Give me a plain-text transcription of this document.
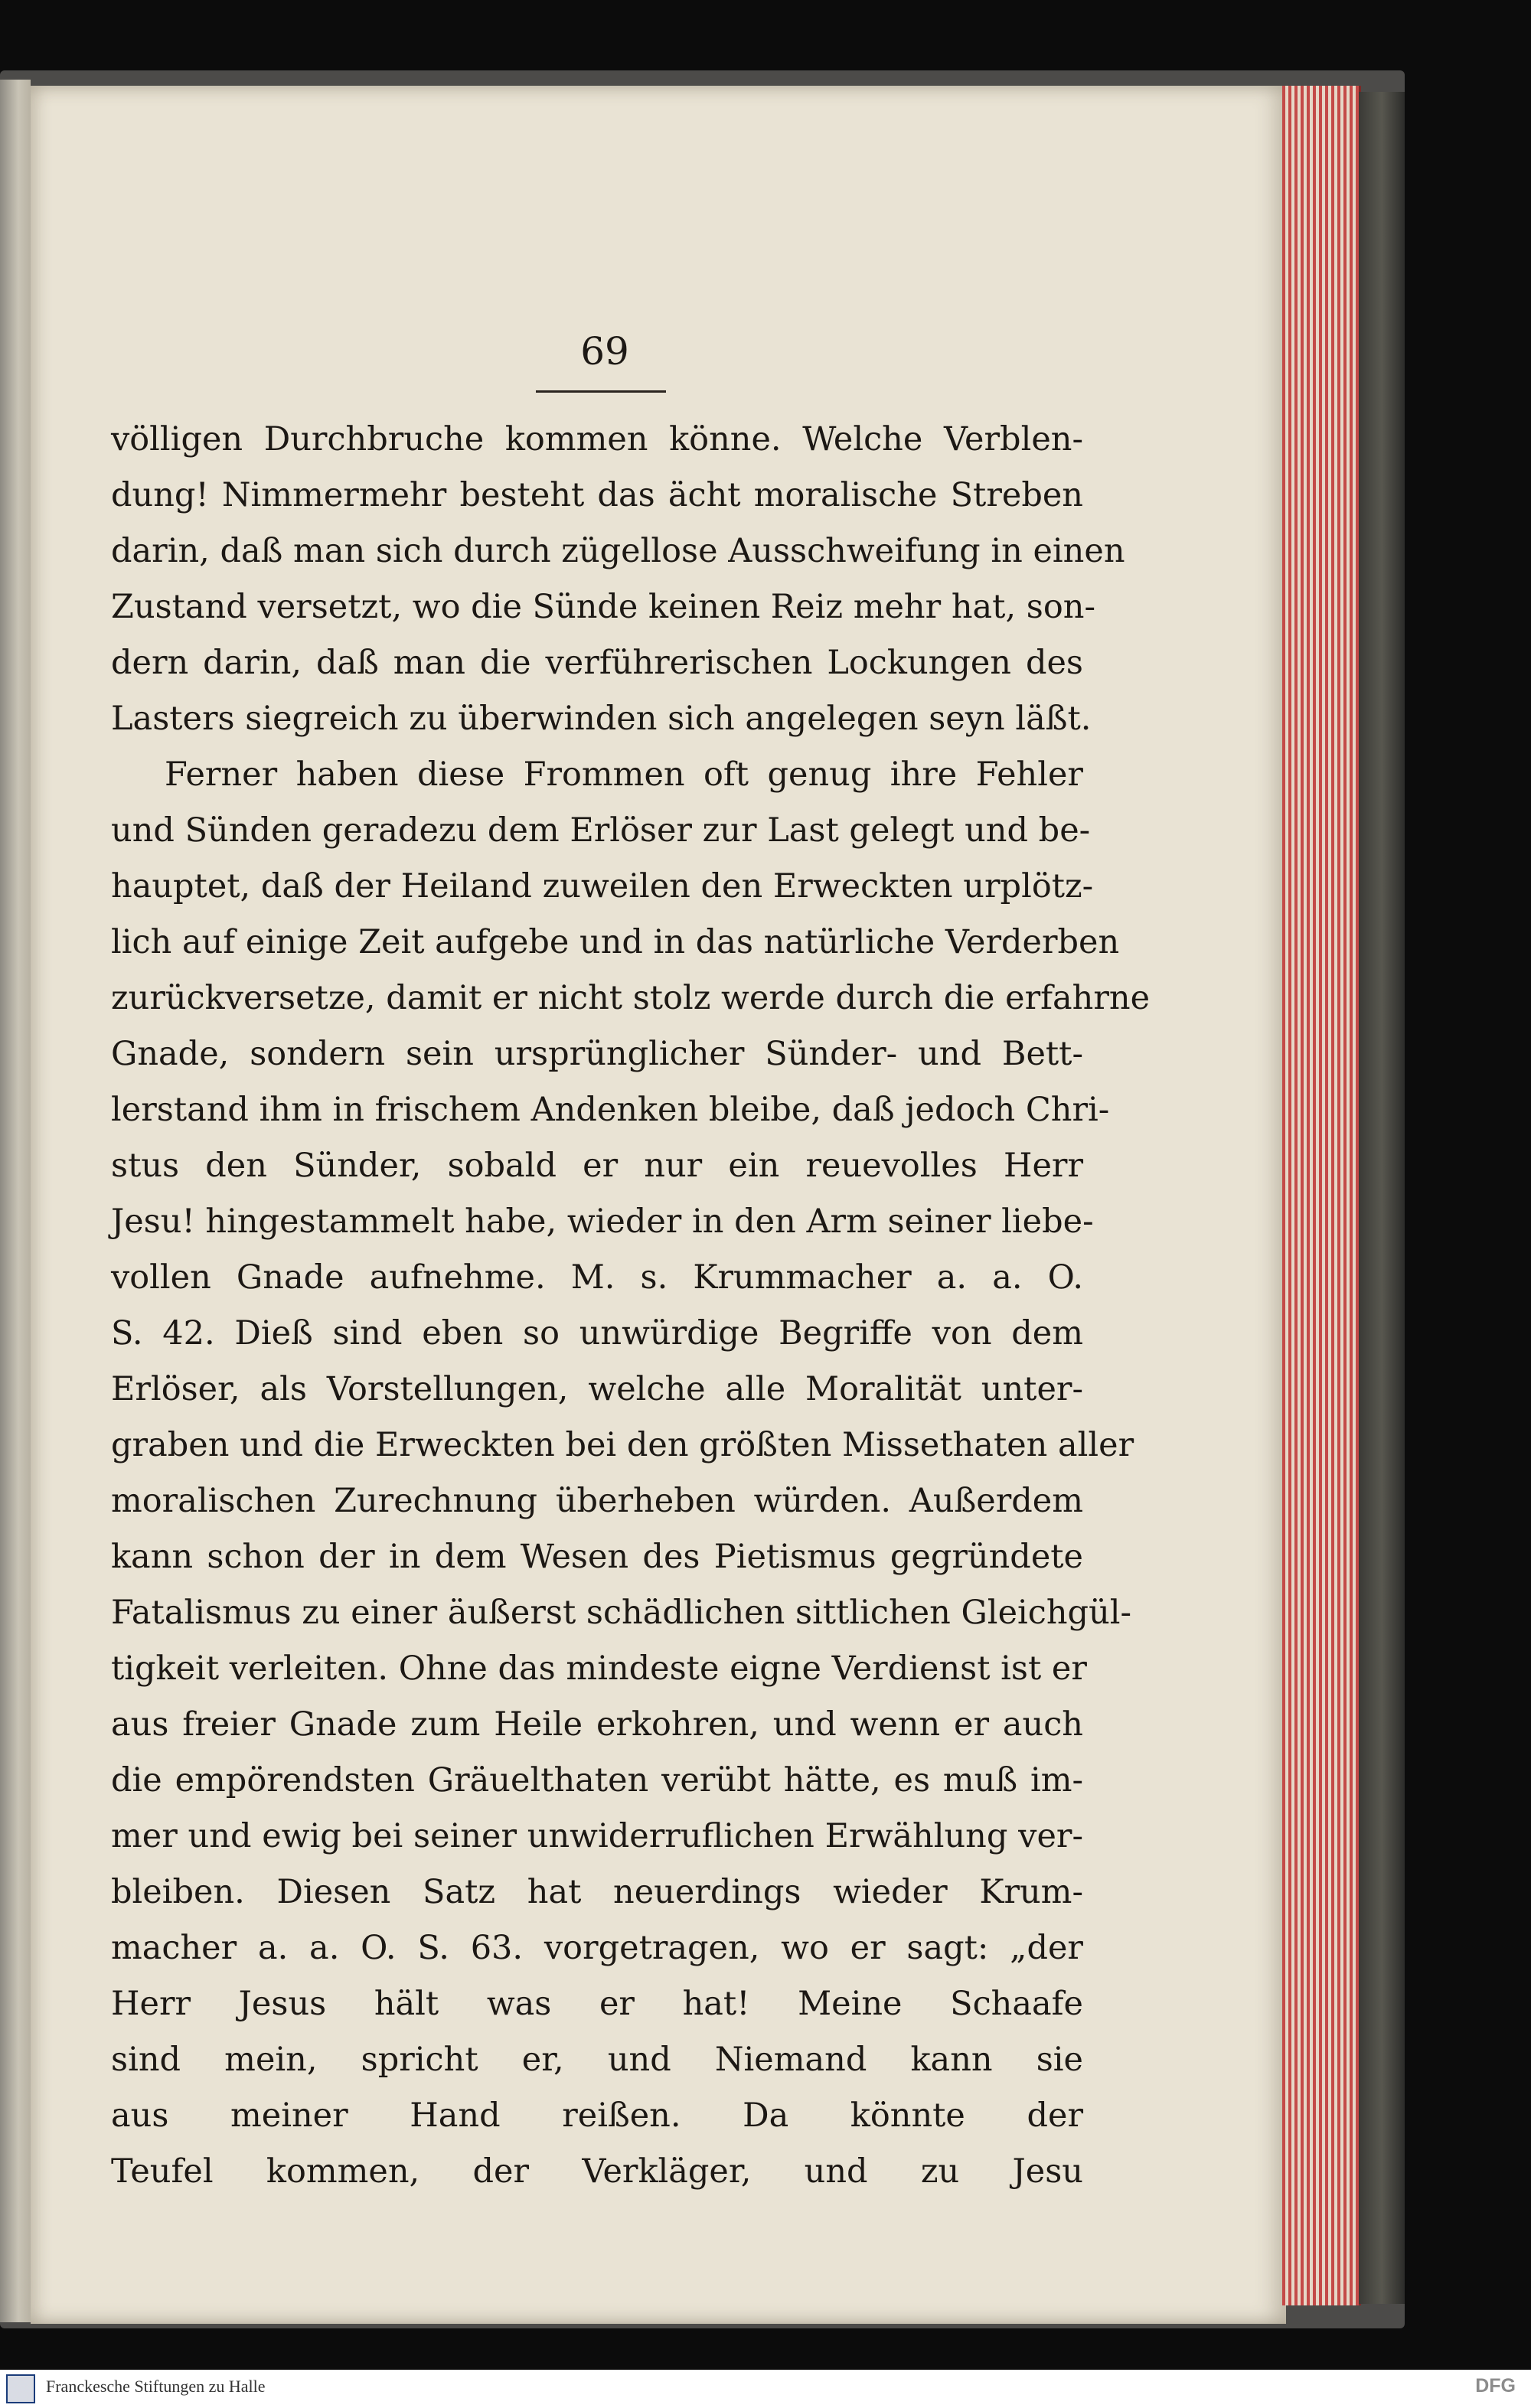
69
völligen Durchbruche kommen könne. Welche Verblen-
dung! Nimmermehr besteht das ächt moralische Streben
darin, daß man sich durch zügellose Ausschweifung in einen
Zustand versetzt, wo die Sünde keinen Reiz mehr hat, son-
dern darin, daß man die verführerischen Lockungen des
Lasters siegreich zu überwinden sich angelegen seyn läßt.
Ferner haben diese Frommen oft genug ihre Fehler
und Sünden geradezu dem Erlöser zur Last gelegt und be-
hauptet, daß der Heiland zuweilen den Erweckten urplötz-
lich auf einige Zeit aufgebe und in das natürliche Verderben
zurückversetze, damit er nicht stolz werde durch die erfahrne
Gnade, sondern sein ursprünglicher Sünder- und Bett-
lerstand ihm in frischem Andenken bleibe, daß jedoch Chri-
stus den Sünder, sobald er nur ein reuevolles Herr
Jesu! hingestammelt habe, wieder in den Arm seiner liebe-
vollen Gnade aufnehme. M. s. Krummacher a. a. O.
S. 42. Dieß sind eben so unwürdige Begriffe von dem
Erlöser, als Vorstellungen, welche alle Moralität unter-
graben und die Erweckten bei den größten Missethaten aller
moralischen Zurechnung überheben würden. Außerdem
kann schon der in dem Wesen des Pietismus gegründete
Fatalismus zu einer äußerst schädlichen sittlichen Gleichgül-
tigkeit verleiten. Ohne das mindeste eigne Verdienst ist er
aus freier Gnade zum Heile erkohren, und wenn er auch
die empörendsten Gräuelthaten verübt hätte, es muß im-
mer und ewig bei seiner unwiderruflichen Erwählung ver-
bleiben. Diesen Satz hat neuerdings wieder Krum-
macher a. a. O. S. 63. vorgetragen, wo er sagt: „der
Herr Jesus hält was er hat! Meine Schaafe
sind mein, spricht er, und Niemand kann sie
aus meiner Hand reißen. Da könnte der
Teufel kommen, der Verkläger, und zu Jesu
Franckesche Stiftungen zu Halle	DFG
